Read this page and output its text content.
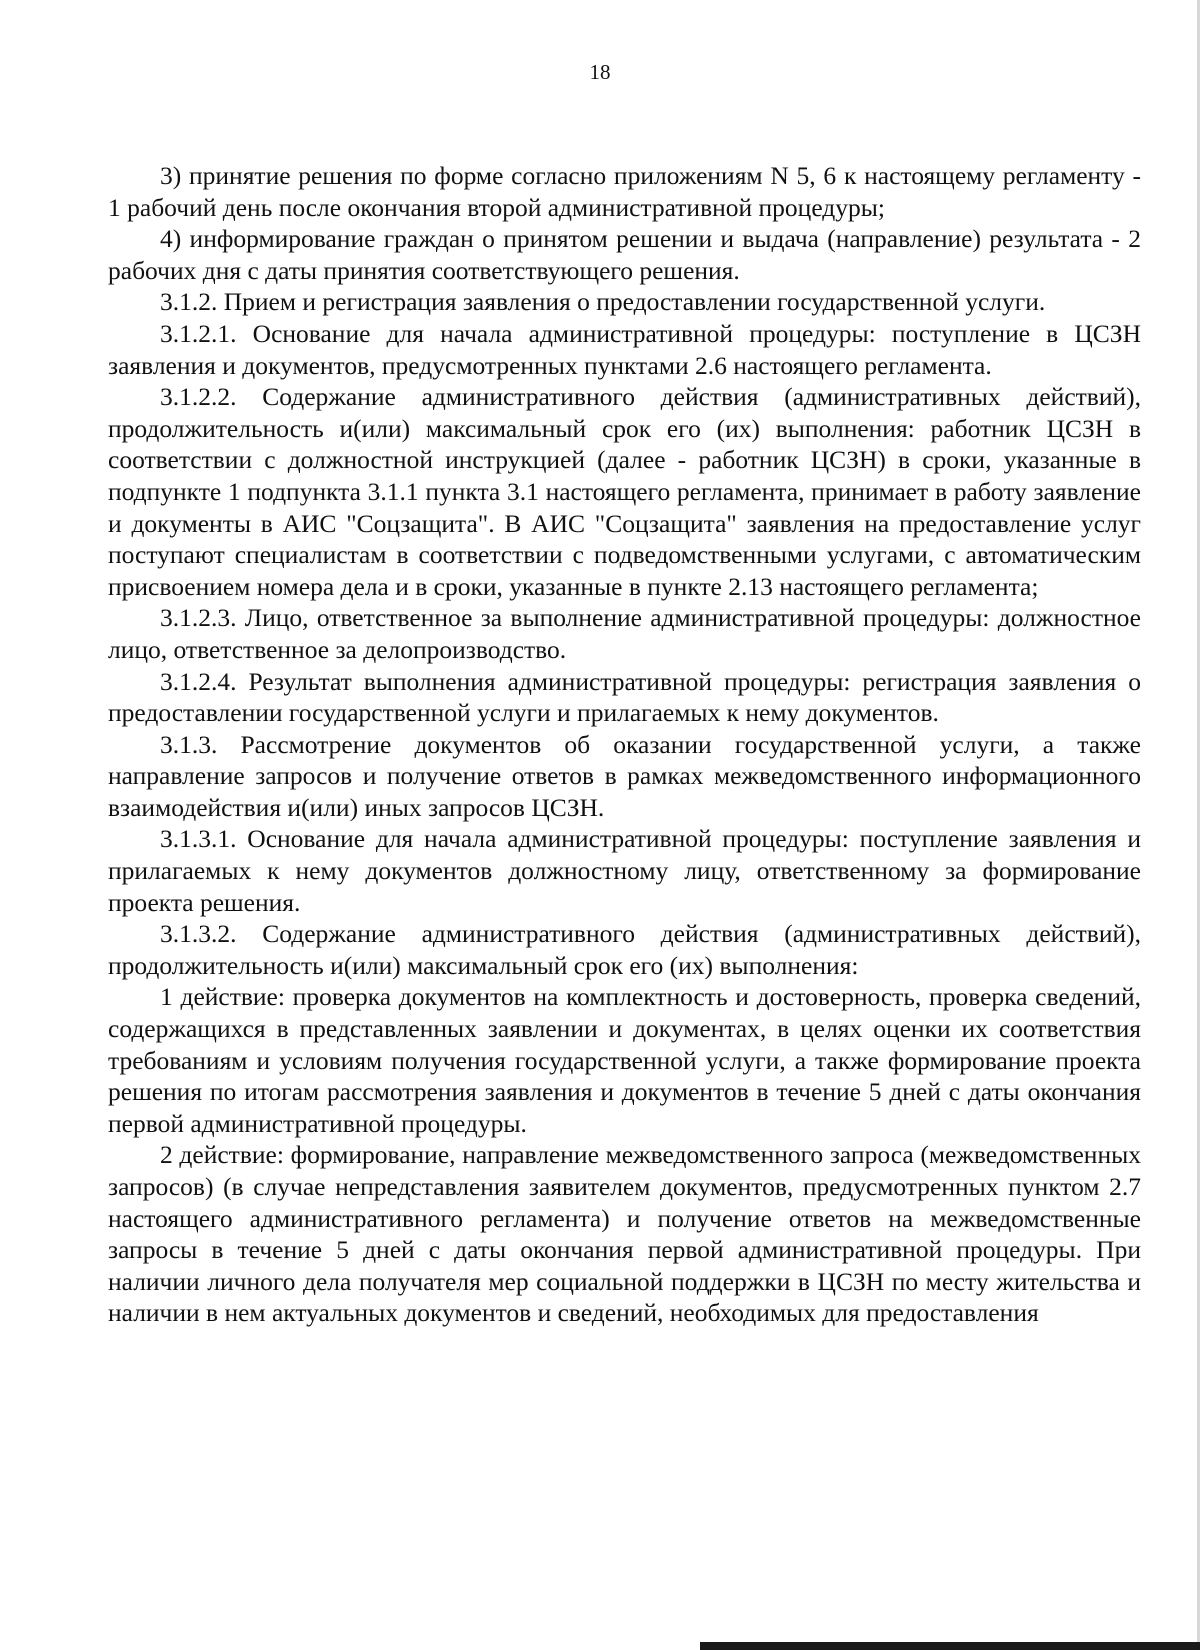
18

3) принятие решения по форме согласно приложениям N 5, 6 к настоящему регламенту - 1 рабочий день после окончания второй административной процедуры;

4) информирование граждан о принятом решении и выдача (направление) результата - 2 рабочих дня с даты принятия соответствующего решения.

3.1.2. Прием и регистрация заявления о предоставлении государственной услуги.

3.1.2.1. Основание для начала административной процедуры: поступление в ЦСЗН заявления и документов, предусмотренных пунктами 2.6 настоящего регламента.

3.1.2.2. Содержание административного действия (административных действий), продолжительность и(или) максимальный срок его (их) выполнения: работник ЦСЗН в соответствии с должностной инструкцией (далее - работник ЦСЗН) в сроки, указанные в подпункте 1 подпункта 3.1.1 пункта 3.1 настоящего регламента, принимает в работу заявление и документы в АИС "Соцзащита". В АИС "Соцзащита" заявления на предоставление услуг поступают специалистам в соответствии с подведомственными услугами, с автоматическим присвоением номера дела и в сроки, указанные в пункте 2.13 настоящего регламента;

3.1.2.3. Лицо, ответственное за выполнение административной процедуры: должностное лицо, ответственное за делопроизводство.

3.1.2.4. Результат выполнения административной процедуры: регистрация заявления о предоставлении государственной услуги и прилагаемых к нему документов.

3.1.3. Рассмотрение документов об оказании государственной услуги, а также направление запросов и получение ответов в рамках межведомственного информационного взаимодействия и(или) иных запросов ЦСЗН.

3.1.3.1. Основание для начала административной процедуры: поступление заявления и прилагаемых к нему документов должностному лицу, ответственному за формирование проекта решения.

3.1.3.2. Содержание административного действия (административных действий), продолжительность и(или) максимальный срок его (их) выполнения:

1 действие: проверка документов на комплектность и достоверность, проверка сведений, содержащихся в представленных заявлении и документах, в целях оценки их соответствия требованиям и условиям получения государственной услуги, а также формирование проекта решения по итогам рассмотрения заявления и документов в течение 5 дней с даты окончания первой административной процедуры.

2 действие: формирование, направление межведомственного запроса (межведомственных запросов) (в случае непредставления заявителем документов, предусмотренных пунктом 2.7 настоящего административного регламента) и получение ответов на межведомственные запросы в течение 5 дней с даты окончания первой административной процедуры. При наличии личного дела получателя мер социальной поддержки в ЦСЗН по месту жительства и наличии в нем актуальных документов и сведений, необходимых для предоставления
